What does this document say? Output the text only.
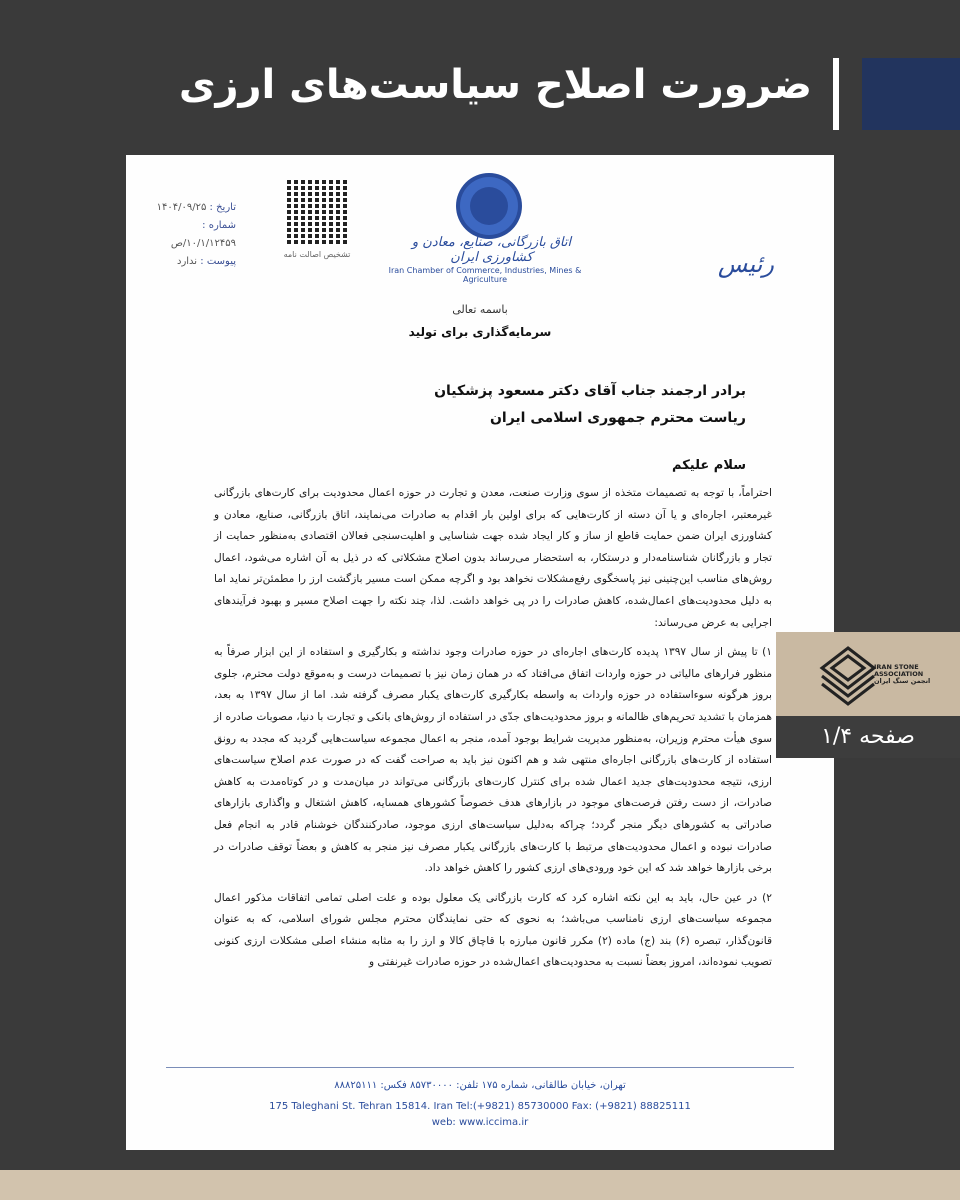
ضرورت اصلاح سیاست‌های ارزی
تاریخ : ۱۴۰۴/۰۹/۲۵
شماره : ۱۰/۱/۱۲۴۵۹/ص
پیوست : ندارد
تشخیص اصالت نامه
اتاق بازرگانی، صنایع، معادن و کشاورزی ایران
Iran Chamber of Commerce, Industries, Mines & Agriculture
رئیس
باسمه تعالی
سرمایه‌گذاری برای تولید
برادر ارجمند جناب آقای دکتر مسعود پزشکیان
ریاست محترم جمهوری اسلامی ایران
سلام علیکم

احتراماً، با توجه به تصمیمات متخذه از سوی وزارت صنعت، معدن و تجارت در حوزه اعمال محدودیت برای کارت‌های بازرگانی غیرمعتبر، اجاره‌ای و یا آن دسته از کارت‌هایی که برای اولین بار اقدام به صادرات می‌نمایند، اتاق بازرگانی، صنایع، معادن و کشاورزی ایران ضمن حمایت قاطع از ساز و کار ایجاد شده جهت شناسایی و اهلیت‌سنجی فعالان اقتصادی به‌منظور حمایت از تجار و بازرگانان شناسنامه‌دار و درستکار، به استحضار می‌رساند بدون اصلاح مشکلاتی که در ذیل به آن اشاره می‌شود، اعمال روش‌های مناسب این‌چنینی نیز پاسخگوی رفع‌مشکلات نخواهد بود و اگرچه ممکن است مسیر بازگشت ارز را مطمئن‌تر نماید اما به دلیل محدودیت‌های اعمال‌شده، کاهش صادرات را در پی خواهد داشت. لذا، چند نکته را جهت اصلاح مسیر و بهبود فرآیندهای اجرایی به عرض می‌رساند:

۱) تا پیش از سال ۱۳۹۷ پدیده کارت‌های اجاره‌ای در حوزه صادرات وجود نداشته و بکارگیری و استفاده از این ابزار صرفاً به منظور فرارهای مالیاتی در حوزه واردات اتفاق می‌افتاد که در همان زمان نیز با تصمیمات درست و به‌موقع دولت محترم، جلوی بروز هرگونه سوءاستفاده در حوزه واردات به واسطه بکارگیری کارت‌های یکبار مصرف گرفته شد. اما از سال ۱۳۹۷ به بعد، همزمان با تشدید تحریم‌های ظالمانه و بروز محدودیت‌های جدّی در استفاده از روش‌های بانکی و تجارت با دنیا، مصوبات صادره از سوی هیأت محترم وزیران، به‌منظور مدیریت شرایط بوجود آمده، منجر به اعمال مجموعه سیاست‌هایی گردید که مجدد به رونق استفاده از کارت‌های بازرگانی اجاره‌ای منتهی شد و هم اکنون نیز باید به صراحت گفت که در صورت عدم اصلاح سیاست‌های ارزی، نتیجه محدودیت‌های جدید اعمال شده برای کنترل کارت‌های بازرگانی می‌تواند در میان‌مدت و در کوتاه‌مدت به کاهش صادرات، از دست رفتن فرصت‌های موجود در بازارهای هدف خصوصاً کشورهای همسایه، کاهش اشتغال و واگذاری بازارهای صادراتی به کشورهای دیگر منجر گردد؛ چراکه به‌دلیل سیاست‌های ارزی موجود، صادرکنندگان خوشنام قادر به انجام فعل صادرات نبوده و اعمال محدودیت‌های مرتبط با کارت‌های بازرگانی یکبار مصرف نیز منجر به کاهش و بعضاً توقف صادرات در برخی بازارها خواهد شد که این خود ورودی‌های ارزی کشور را کاهش خواهد داد.

۲) در عین حال، باید به این نکته اشاره کرد که کارت بازرگانی یک معلول بوده و علت اصلی تمامی اتفاقات مذکور اعمال مجموعه سیاست‌های ارزی نامناسب می‌باشد؛ به نحوی که حتی نمایندگان محترم مجلس شورای اسلامی، که به عنوان قانون‌گذار، تبصره (۶) بند (ج) ماده (۲) مکرر قانون مبارزه با قاچاق کالا و ارز را به مثابه منشاء اصلی مشکلات ارزی کنونی تصویب نموده‌اند، امروز بعضاً نسبت به محدودیت‌های اعمال‌شده در حوزه صادرات غیرنفتی و

تهران، خیابان طالقانی، شماره ۱۷۵ تلفن: ۸۵۷۳۰۰۰۰ فکس: ۸۸۸۲۵۱۱۱
175 Taleghani St. Tehran 15814. Iran Tel:(+9821) 85730000 Fax: (+9821) 88825111
web: www.iccima.ir
IRAN STONE ASSOCIATION
انجمن سنگ ایران
صفحه ۱/۴
